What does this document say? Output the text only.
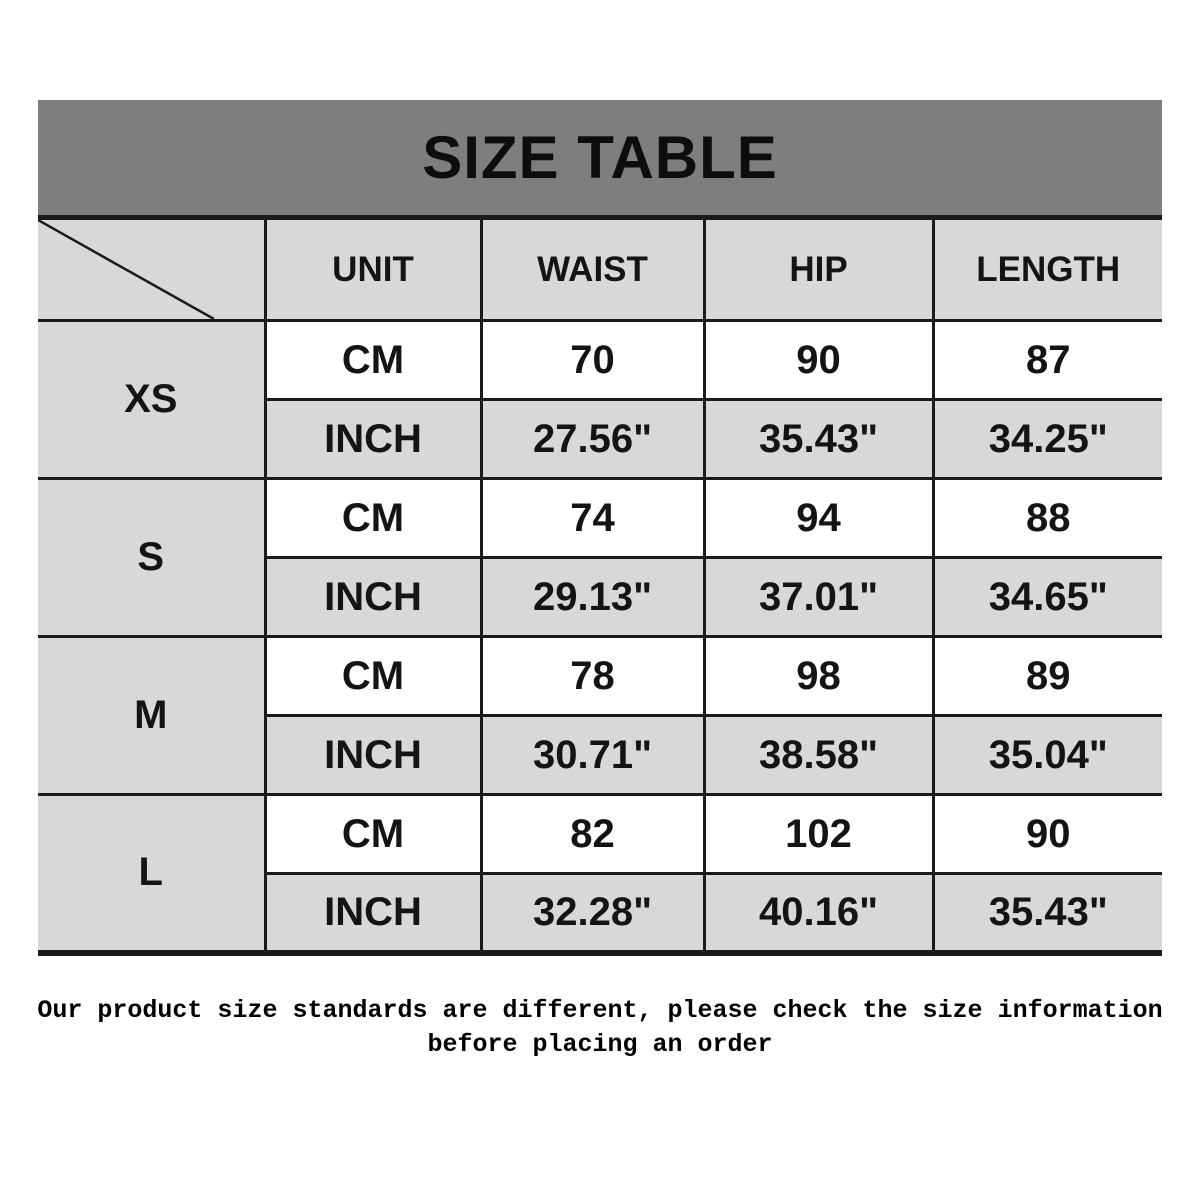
SIZE TABLE
	UNIT	WAIST	HIP	LENGTH
XS	CM	70	90	87
	INCH	27.56"	35.43"	34.25"
S	CM	74	94	88
	INCH	29.13"	37.01"	34.65"
M	CM	78	98	89
	INCH	30.71"	38.58"	35.04"
L	CM	82	102	90
	INCH	32.28"	40.16"	35.43"
Our product size standards are different, please check the size information
before placing an order
